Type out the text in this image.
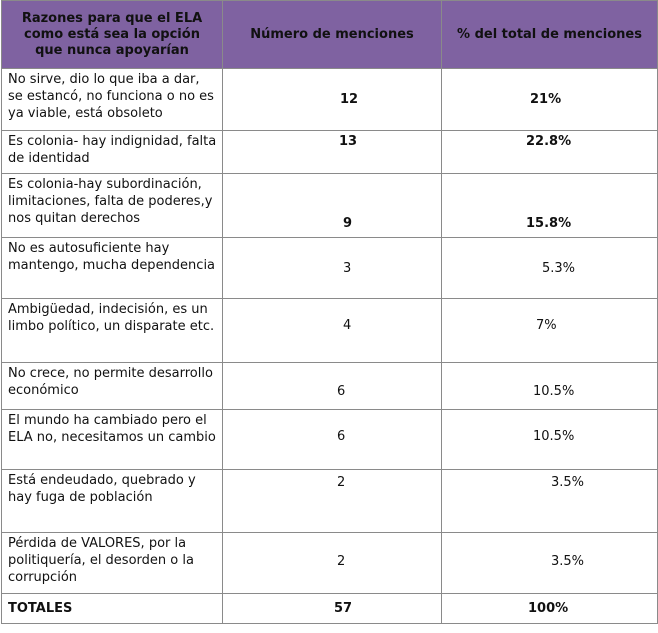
Razones para que el ELA como está sea la opción que nunca apoyarían	Número de menciones	% del total de menciones
No sirve, dio lo que iba a dar, se estancó, no funciona o no es ya viable, está obsoleto	12	21%

Es colonia- hay indignidad, falta de identidad	13	22.8%

Es colonia-hay subordinación, limitaciones, falta de poderes,y nos quitan derechos	9	15.8%

No es autosuficiente hay mantengo, mucha dependencia	3	5.3%

Ambigüedad, indecisión, es un limbo político, un disparate etc.	4	7%

No crece, no permite desarrollo económico	6	10.5%

El mundo ha cambiado pero el ELA no, necesitamos un cambio	6	10.5%

Está endeudado, quebrado y hay fuga de población	2	3.5%

Pérdida de VALORES, por la politiquería, el desorden o la corrupción	2	3.5%

TOTALES	57	100%
